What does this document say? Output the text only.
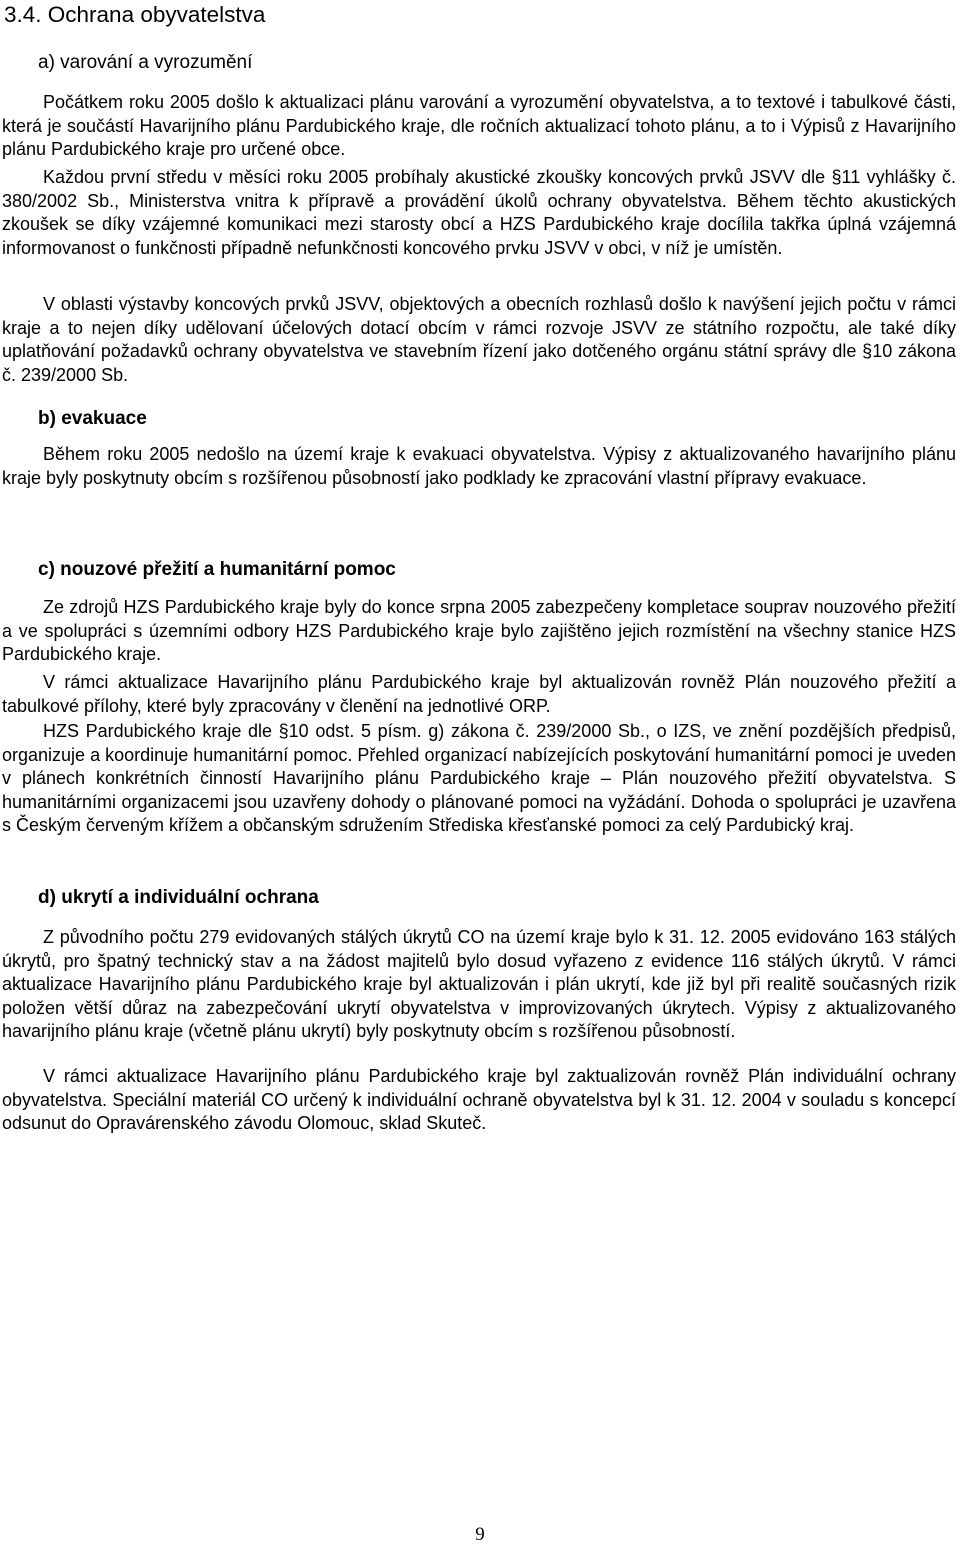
3.4. Ochrana obyvatelstva
a) varování a vyrozumění

Počátkem roku 2005 došlo k aktualizaci plánu varování a vyrozumění obyvatelstva, a to textové i tabulkové části, která je součástí Havarijního plánu Pardubického kraje, dle ročních aktualizací tohoto plánu, a to i Výpisů z Havarijního plánu Pardubického kraje pro určené obce.

Každou první středu v měsíci roku 2005 probíhaly akustické zkoušky koncových prvků JSVV dle §11 vyhlášky č. 380/2002 Sb., Ministerstva vnitra k přípravě a provádění úkolů ochrany obyvatelstva. Během těchto akustických zkoušek se díky vzájemné komunikaci mezi starosty obcí a HZS Pardubického kraje docílila takřka úplná vzájemná informovanost o funkčnosti případně nefunkčnosti koncového prvku JSVV v obci, v níž je umístěn.

V oblasti výstavby koncových prvků JSVV, objektových a obecních rozhlasů došlo k navýšení jejich počtu v rámci kraje a to nejen díky udělovaní účelových dotací obcím v rámci rozvoje JSVV ze státního rozpočtu, ale také díky uplatňování požadavků ochrany obyvatelstva ve stavebním řízení jako dotčeného orgánu státní správy dle §10 zákona č. 239/2000 Sb.

b) evakuace

Během roku 2005 nedošlo na území kraje k evakuaci obyvatelstva. Výpisy z aktualizovaného havarijního plánu kraje byly poskytnuty obcím s rozšířenou působností jako podklady ke zpracování vlastní přípravy evakuace.

c) nouzové přežití a humanitární pomoc

Ze zdrojů HZS Pardubického kraje byly do konce srpna 2005 zabezpečeny kompletace souprav nouzového přežití a ve spolupráci s územními odbory HZS Pardubického kraje bylo zajištěno jejich rozmístění na všechny stanice HZS Pardubického kraje.

V rámci aktualizace Havarijního plánu Pardubického kraje byl aktualizován rovněž Plán nouzového přežití a tabulkové přílohy, které byly zpracovány v členění na jednotlivé ORP.

HZS Pardubického kraje dle §10 odst. 5 písm. g) zákona č. 239/2000 Sb., o IZS, ve znění pozdějších předpisů, organizuje a koordinuje humanitární pomoc. Přehled organizací nabízejících poskytování humanitární pomoci je uveden v plánech konkrétních činností Havarijního plánu Pardubického kraje – Plán nouzového přežití obyvatelstva. S humanitárními organizacemi jsou uzavřeny dohody o plánované pomoci na vyžádání. Dohoda o spolupráci je uzavřena s Českým červeným křížem a občanským sdružením Střediska křesťanské pomoci za celý Pardubický kraj.

d) ukrytí a individuální ochrana

Z původního počtu 279 evidovaných stálých úkrytů CO na území kraje bylo k 31. 12. 2005 evidováno 163 stálých úkrytů, pro špatný technický stav a na žádost majitelů bylo dosud vyřazeno z evidence 116 stálých úkrytů. V rámci aktualizace Havarijního plánu Pardubického kraje byl aktualizován i plán ukrytí, kde již byl při realitě současných rizik položen větší důraz na zabezpečování ukrytí obyvatelstva v improvizovaných úkrytech. Výpisy z aktualizovaného havarijního plánu kraje (včetně plánu ukrytí) byly poskytnuty obcím s rozšířenou působností.

V rámci aktualizace Havarijního plánu Pardubického kraje byl zaktualizován rovněž Plán individuální ochrany obyvatelstva. Speciální materiál CO určený k individuální ochraně obyvatelstva byl k 31. 12. 2004 v souladu s koncepcí odsunut do Opravárenského závodu Olomouc, sklad Skuteč.

9
